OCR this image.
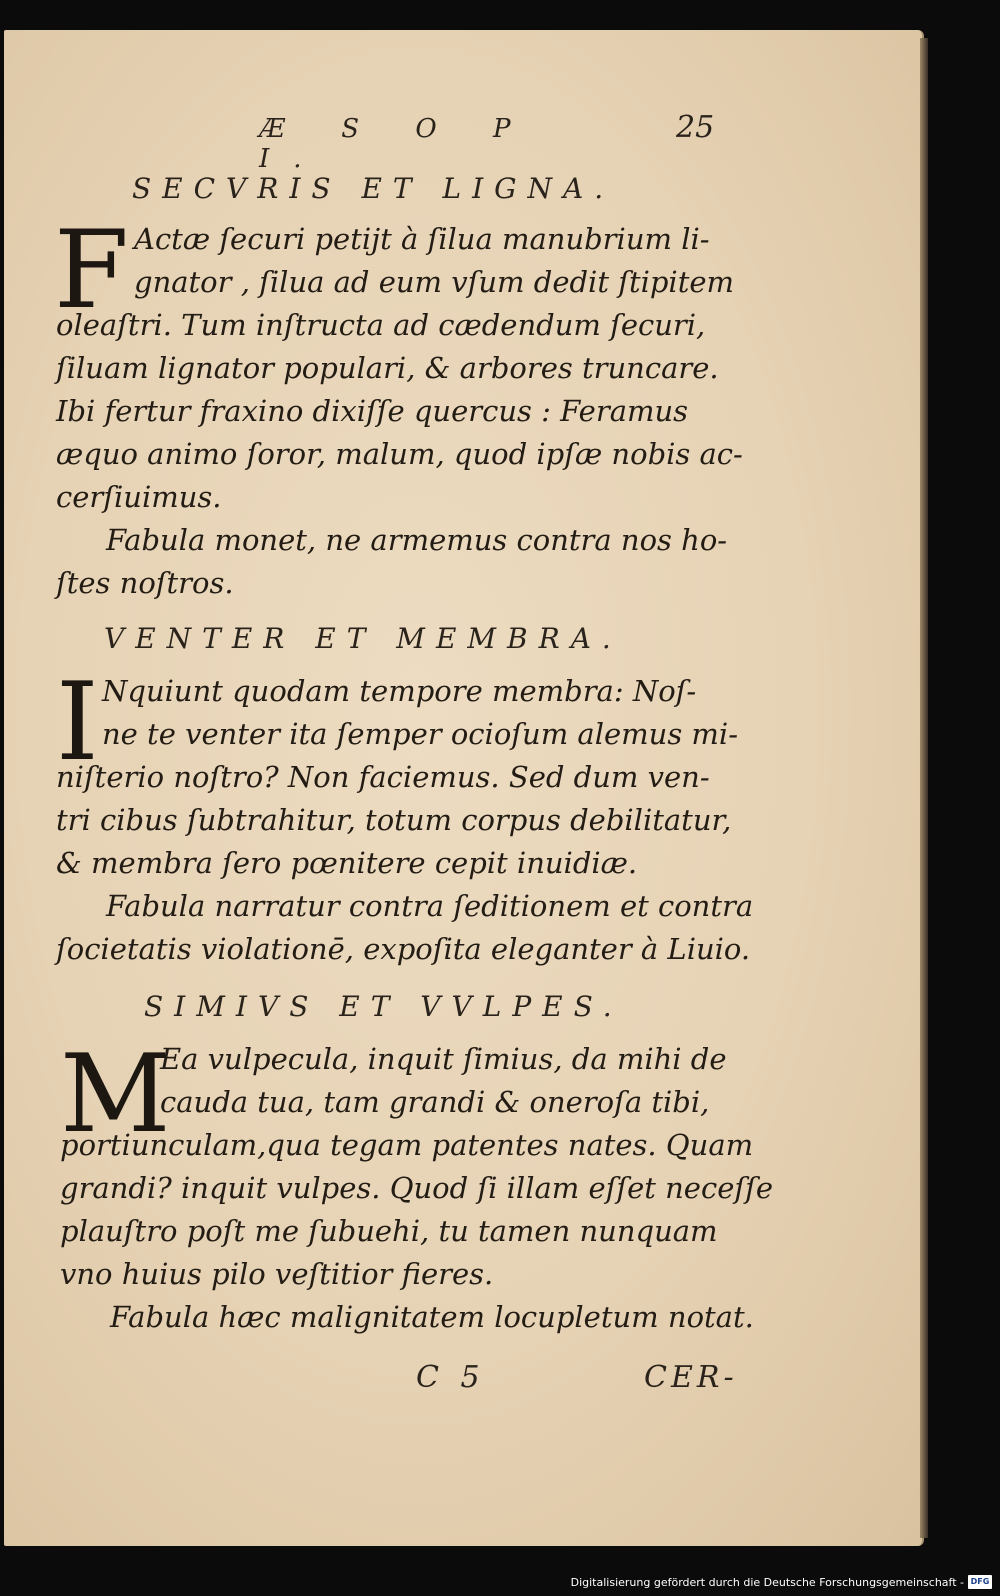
Æ S O P I.
25
SECVRIS ET LIGNA.
F Actæ ſecuri petijt à ſilua manubrium li-
gnator , ſilua ad eum vſum dedit ſtipitem
oleaſtri. Tum inſtructa ad cædendum ſecuri,
ſiluam lignator populari, & arbores truncare.
Ibi fertur fraxino dixiſſe quercus : Feramus
æquo animo ſoror, malum, quod ipſæ nobis ac-
cerſiuimus.
Fabula monet, ne armemus contra nos ho-
ſtes noſtros.
VENTER ET MEMBRA.
I Nquiunt quodam tempore membra: Noſ-
ne te venter ita ſemper ocioſum alemus mi-
niſterio noſtro? Non faciemus. Sed dum ven-
tri cibus ſubtrahitur, totum corpus debilitatur,
& membra ſero pœnitere cepit inuidiæ.
Fabula narratur contra ſeditionem et contra
ſocietatis violationē, expoſita eleganter à Liuio.
SIMIVS ET VVLPES.
M
Ea vulpecula, inquit ſimius, da mihi de
cauda tua, tam grandi & oneroſa tibi,
portiunculam,qua tegam patentes nates. Quam
grandi? inquit vulpes. Quod ſi illam eſſet neceſſe
plauſtro poſt me ſubuehi, tu tamen nunquam
vno huius pilo veſtitior fieres.
Fabula hæc malignitatem locupletum notat.
C 5	CER-
Digitalisierung gefördert durch die Deutsche Forschungsgemeinschaft - DFG
